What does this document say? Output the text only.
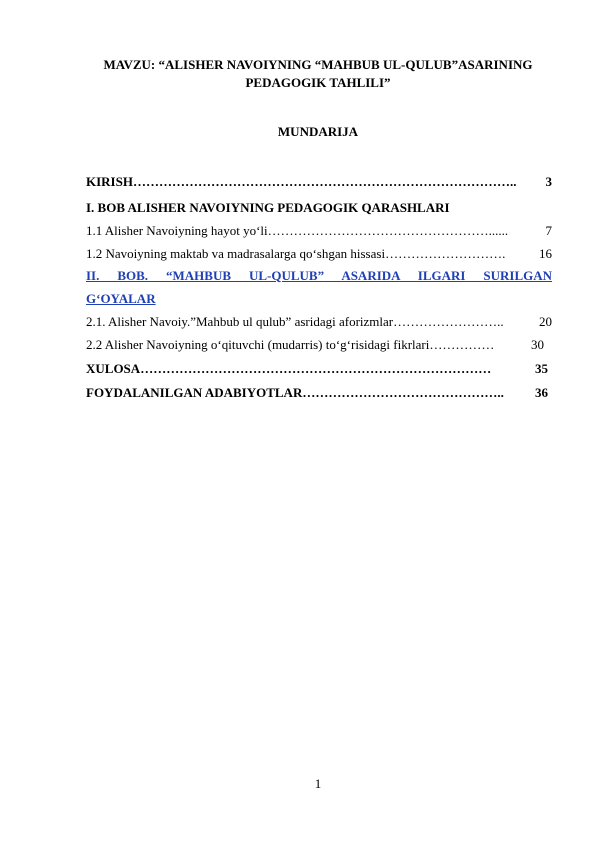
MAVZU: “ALISHER NAVOIYNING “MAHBUB UL-QULUB”ASARINING
PEDAGOGIK TAHLILI”
MUNDARIJA
KIRISH ……………………………………………………………………………..	3
I. BOB ALISHER NAVOIYNING PEDAGOGIK QARASHLARI
1.1 Alisher Navoiyning hayot yo‘li ……………………………………………......	7
1.2 Navoiyning maktab va madrasalarga qo‘shgan hissasi ……………………….	16
II. BOB. “MAHBUB UL-QULUB” ASARIDA ILGARI SURILGAN
G‘OYALAR
2.1. Alisher Navoiy.”Mahbub ul qulub” asridagi aforizmlar ……………………..	20
2.2 Alisher Navoiyning o‘qituvchi (mudarris) to‘g‘risidagi fikrlari ……………	30
XULOSA ………………………………………………………………………	35
FOYDALANILGAN ADABIYOTLAR ………………………………………..	36
1
